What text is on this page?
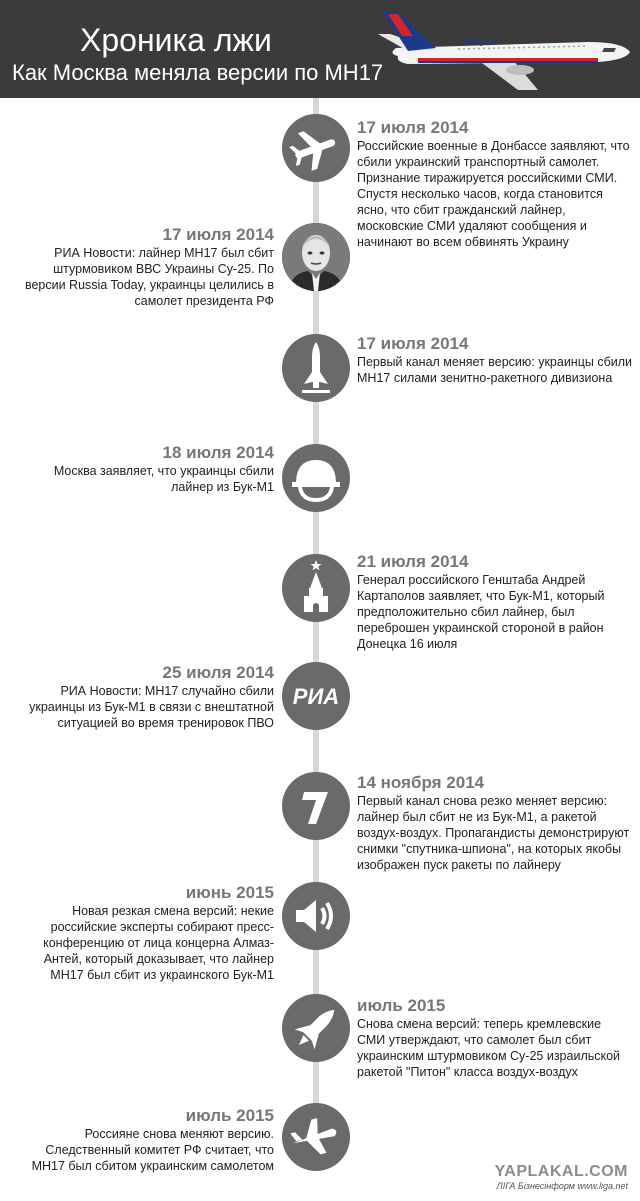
Хроника лжи
Как Москва меняла версии по MH17
malaysia
РИА
17 июля 2014
Российские военные в Донбассе заявляют, что сбили украинский транспортный самолет. Признание тиражируется российскими СМИ. Спустя несколько часов, когда становится ясно, что сбит гражданский лайнер, московские СМИ удаляют сообщения и начинают во всем обвинять Украину
17 июля 2014
РИА Новости: лайнер MH17 был сбит штурмовиком ВВС Украины Су-25. По версии Russia Today, украинцы целились в самолет президента РФ
17 июля 2014
Первый канал меняет версию: украинцы сбили MH17 силами зенитно-ракетного дивизиона
18 июля 2014
Москва заявляет, что украинцы сбили лайнер из Бук-М1
21 июля 2014
Генерал российского Генштаба Андрей Картаполов заявляет, что Бук-М1, который предположительно сбил лайнер, был переброшен украинской стороной в район Донецка 16 июля
25 июля 2014
РИА Новости: MH17 случайно сбили украинцы из Бук-М1 в связи с внештатной ситуацией во время тренировок ПВО
14 ноября 2014
Первый канал снова резко меняет версию: лайнер был сбит не из Бук-М1, а ракетой воздух-воздух. Пропагандисты демонстрируют снимки "спутника-шпиона", на которых якобы изображен пуск ракеты по лайнеру
июнь 2015
Новая резкая смена версий: некие российские эксперты собирают пресс-конференцию от лица концерна Алмаз-Антей, который доказывает, что лайнер MH17 был сбит из украинского Бук-М1
июль 2015
Снова смена версий: теперь кремлевские СМИ утверждают, что самолет был сбит украинским штурмовиком Су-25 израильской ракетой "Питон" класса воздух-воздух
июль 2015
Россияне снова меняют версию. Следственный комитет РФ считает, что MH17 был сбитом украинским самолетом	YAPLAKAL.COM
ЛIГА Бізнесінформ www.liga.net
